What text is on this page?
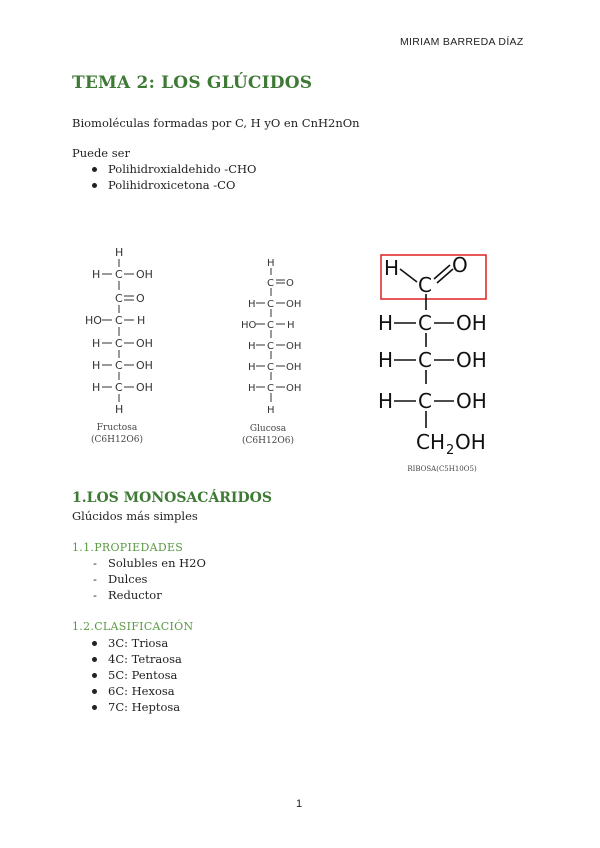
MIRIAM BARREDA DÍAZ
TEMA 2: LOS GLÚCIDOS
Biomoléculas formadas por C, H yO en CnH2nOn
Puede ser
Polihidroxialdehido -CHO
Polihidroxicetona -CO
H
H C OH
C O
HO C H
H C OH
H C OH
H C OH
H
Fructosa
(C6H12O6)
H
C O
H C OH
HO C H
H C OH
H C OH
H C OH
H
Glucosa
(C6H12O6)
H
C
O
H C OH
H C OH
H C OH
CH 2 OH
RIBOSA(C5H10O5)
1.LOS MONOSACÁRIDOS
Glúcidos más simples
1.1.PROPIEDADES
- Solubles en H2O
- Dulces
- Reductor
1.2.CLASIFICACIÓN
3C: Triosa
4C: Tetraosa
5C: Pentosa
6C: Hexosa
7C: Heptosa
1
